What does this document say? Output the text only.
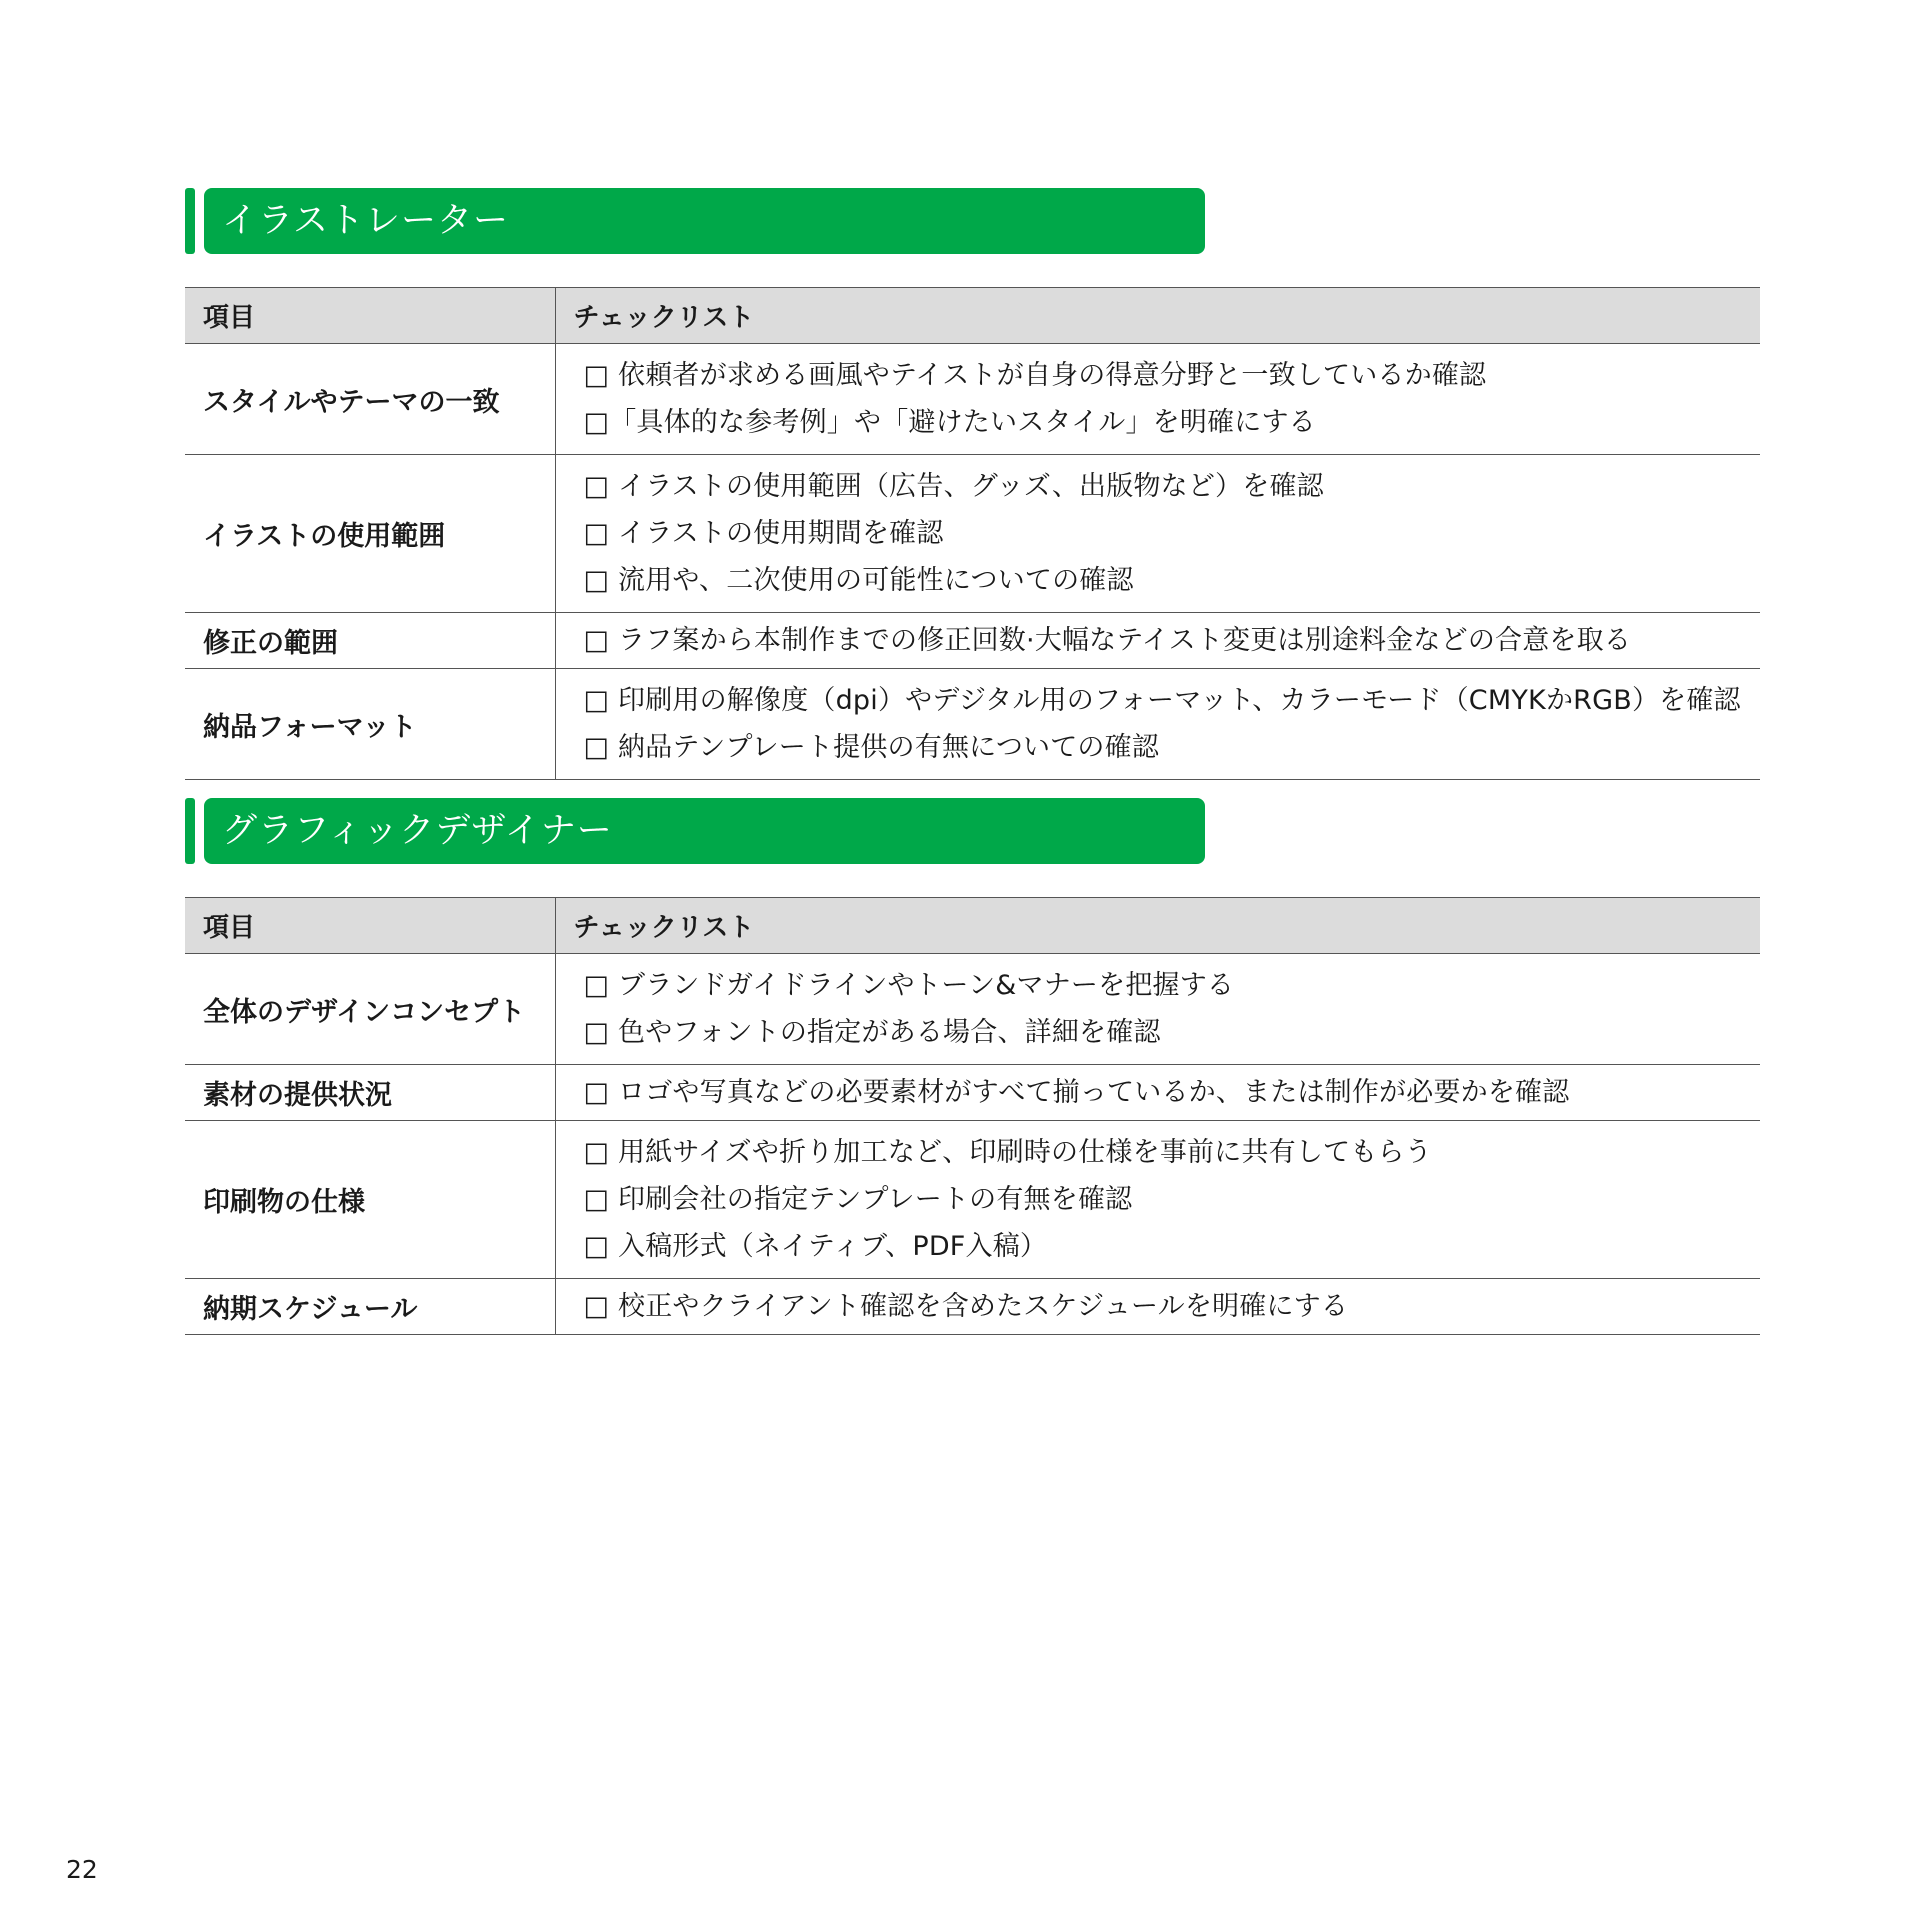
イラストレーター
項目	チェックリスト
スタイルやテーマの一致	□ 依頼者が求める画風やテイストが自身の得意分野と一致しているか確認
□「具体的な参考例」や「避けたいスタイル」を明確にする

イラストの使用範囲	□ イラストの使用範囲（広告、グッズ、出版物など）を確認
□ イラストの使用期間を確認
□ 流用や、二次使用の可能性についての確認

修正の範囲	□ ラフ案から本制作までの修正回数·大幅なテイスト変更は別途料金などの合意を取る

納品フォーマット	□ 印刷用の解像度（dpi）やデジタル用のフォーマット、カラーモード（CMYKかRGB）を確認
□ 納品テンプレート提供の有無についての確認
グラフィックデザイナー
項目	チェックリスト
全体のデザインコンセプト	□ ブランドガイドラインやトーン&マナーを把握する
□ 色やフォントの指定がある場合、詳細を確認

素材の提供状況	□ ロゴや写真などの必要素材がすべて揃っているか、または制作が必要かを確認

印刷物の仕様	□ 用紙サイズや折り加工など、印刷時の仕様を事前に共有してもらう
□ 印刷会社の指定テンプレートの有無を確認
□ 入稿形式（ネイティブ、PDF入稿）

納期スケジュール	□ 校正やクライアント確認を含めたスケジュールを明確にする
22
